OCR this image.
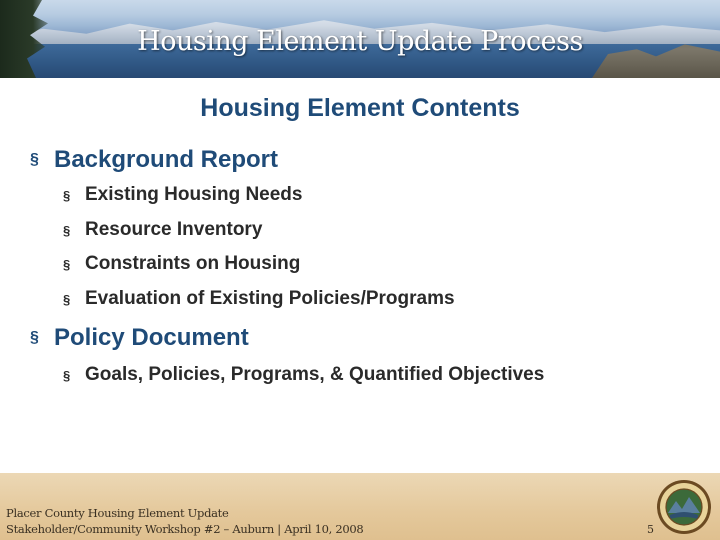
Housing Element Update Process
Housing Element Contents
§ Background Report
§ Existing Housing Needs
§ Resource Inventory
§ Constraints on Housing
§ Evaluation of Existing Policies/Programs
§ Policy Document
§ Goals, Policies, Programs, & Quantified Objectives
Placer County Housing Element Update
Stakeholder/Community Workshop #2 – Auburn | April 10, 2008	5
